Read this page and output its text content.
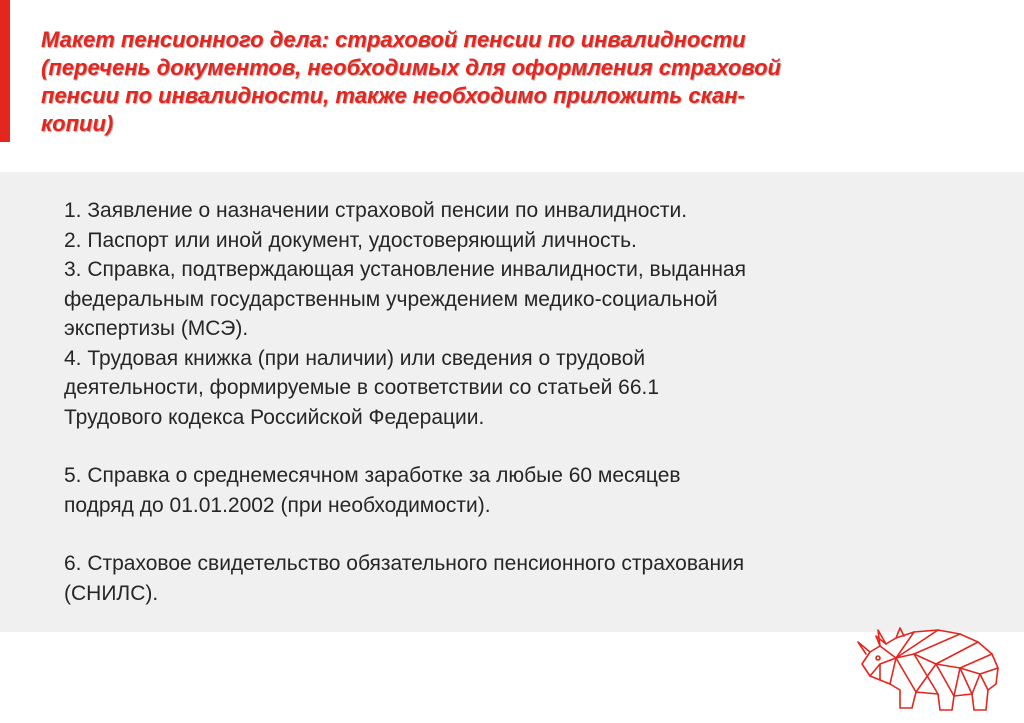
Макет пенсионного дела: страховой пенсии по инвалидности
(перечень документов, необходимых для оформления страховой
пенсии по инвалидности, также необходимо приложить скан-
копии)
1. Заявление о назначении страховой пенсии по инвалидности.
2. Паспорт или иной документ, удостоверяющий личность.
3. Справка, подтверждающая установление инвалидности, выданная
федеральным государственным учреждением медико-социальной
экспертизы (МСЭ).
4. Трудовая книжка (при наличии) или сведения о трудовой
деятельности, формируемые в соответствии со статьей 66.1
Трудового кодекса Российской Федерации.
5. Справка о среднемесячном заработке за любые 60 месяцев
подряд до 01.01.2002 (при необходимости).
6. Страховое свидетельство обязательного пенсионного страхования
(СНИЛС).
